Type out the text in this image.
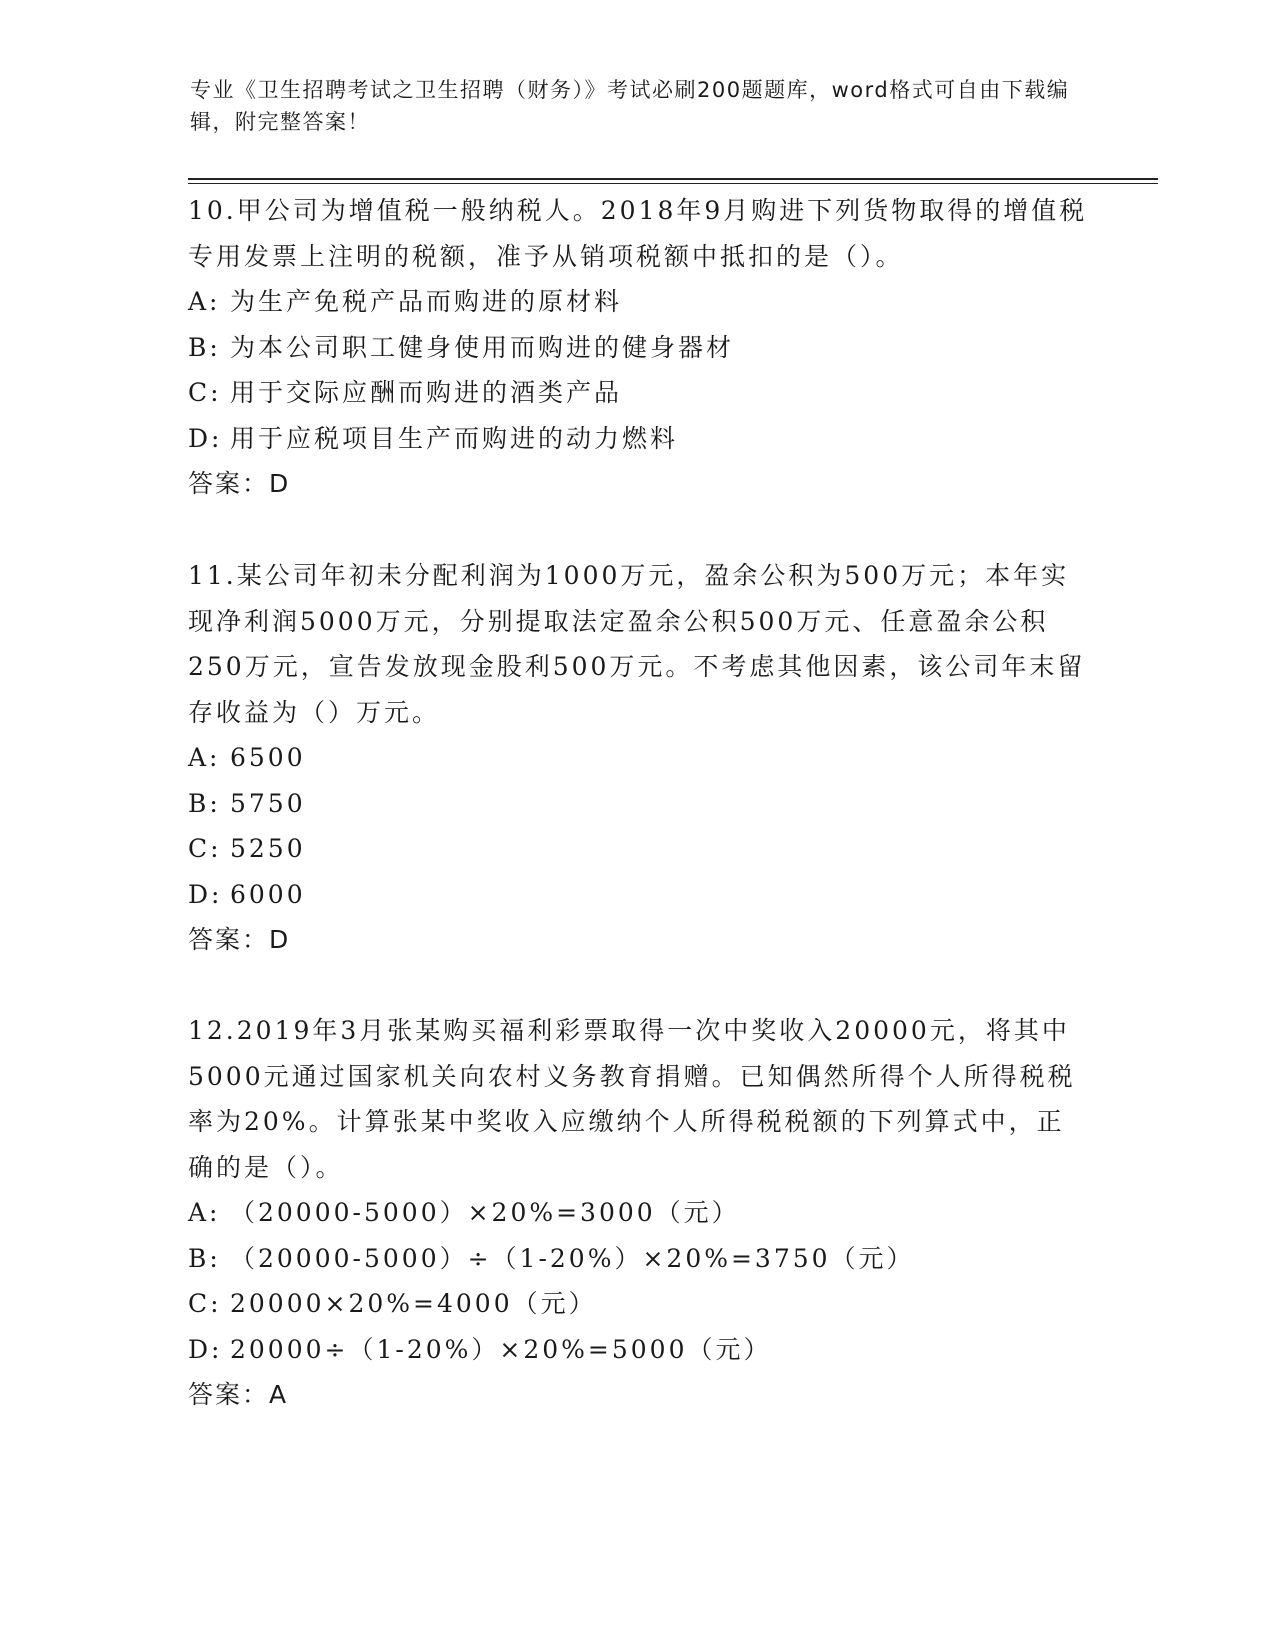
专业《卫生招聘考试之卫生招聘（财务）》考试必刷200题题库，word格式可自由下载编辑，附完整答案！

10.甲公司为增值税一般纳税人。2018年9月购进下列货物取得的增值税专用发票上注明的税额，准予从销项税额中抵扣的是（）。

A: 为生产免税产品而购进的原材料
B: 为本公司职工健身使用而购进的健身器材
C: 用于交际应酬而购进的酒类产品
D: 用于应税项目生产而购进的动力燃料

答案：D

11.某公司年初未分配利润为1000万元，盈余公积为500万元；本年实现净利润5000万元，分别提取法定盈余公积500万元、任意盈余公积250万元，宣告发放现金股利500万元。不考虑其他因素，该公司年末留存收益为（）万元。

A: 6500
B: 5750
C: 5250
D: 6000

答案：D

12.2019年3月张某购买福利彩票取得一次中奖收入20000元，将其中5000元通过国家机关向农村义务教育捐赠。已知偶然所得个人所得税税率为20%。计算张某中奖收入应缴纳个人所得税税额的下列算式中，正确的是（）。

A: （20000-5000）×20%=3000（元）
B: （20000-5000）÷（1-20%）×20%=3750（元）
C: 20000×20%=4000（元）
D: 20000÷（1-20%）×20%=5000（元）

答案：A
